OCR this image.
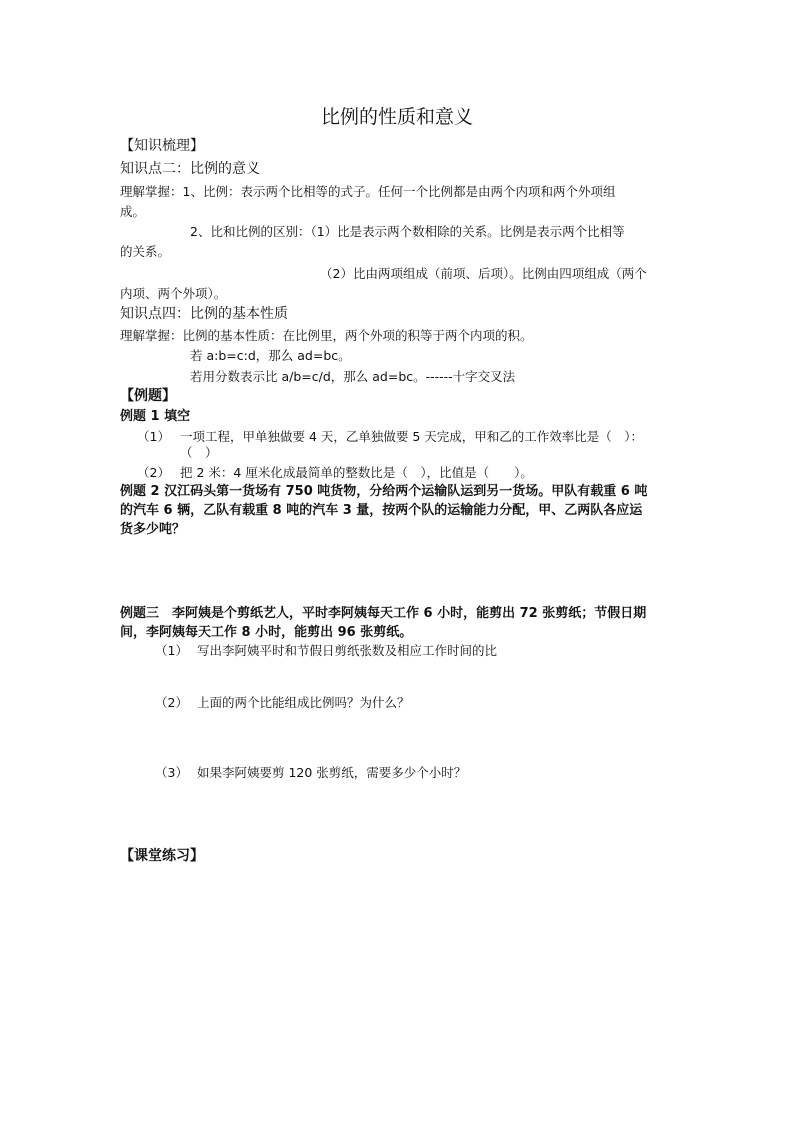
比例的性质和意义
【知识梳理】
知识点二：比例的意义
理解掌握：1、比例：表示两个比相等的式子。任何一个比例都是由两个内项和两个外项组
成。
2、比和比例的区别：（1）比是表示两个数相除的关系。比例是表示两个比相等
的关系。
（2）比由两项组成（前项、后项）。比例由四项组成（两个
内项、两个外项）。
知识点四：比例的基本性质
理解掌握：比例的基本性质：在比例里，两个外项的积等于两个内项的积。
若 a:b=c:d，那么 ad=bc。
若用分数表示比 a/b=c/d，那么 ad=bc。------十字交叉法
【例题】
例题 1 填空
（1） 一项工程，甲单独做要 4 天，乙单独做要 5 天完成，甲和乙的工作效率比是（　）：
（　）
（2） 把 2 米：4 厘米化成最简单的整数比是（　），比值是（　　）。
例题 2 汉江码头第一货场有 750 吨货物，分给两个运输队运到另一货场。甲队有载重 6 吨
的汽车 6 辆，乙队有载重 8 吨的汽车 3 量，按两个队的运输能力分配，甲、乙两队各应运
货多少吨？
例题三　李阿姨是个剪纸艺人，平时李阿姨每天工作 6 小时，能剪出 72 张剪纸；节假日期
间，李阿姨每天工作 8 小时，能剪出 96 张剪纸。
（1） 写出李阿姨平时和节假日剪纸张数及相应工作时间的比
（2） 上面的两个比能组成比例吗？为什么？
（3） 如果李阿姨要剪 120 张剪纸，需要多少个小时？
【课堂练习】
